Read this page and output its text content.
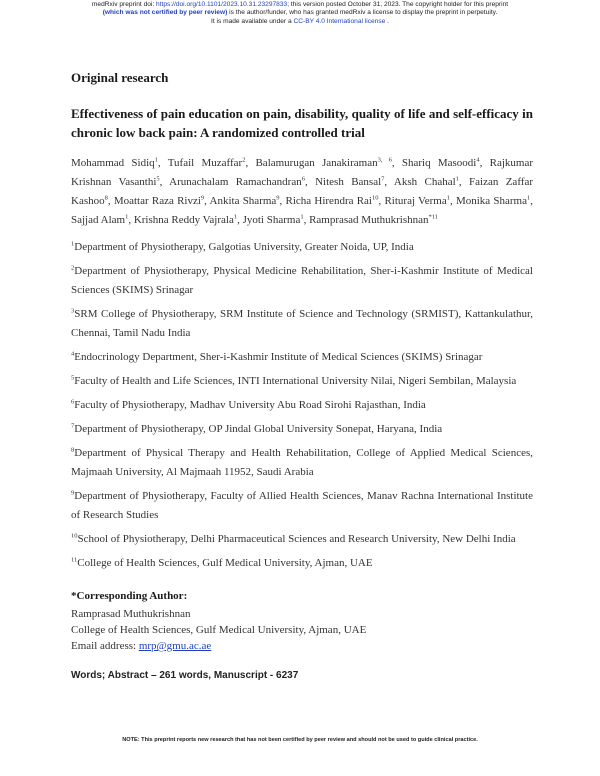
medRxiv preprint doi: https://doi.org/10.1101/2023.10.31.23297833; this version posted October 31, 2023. The copyright holder for this preprint
(which was not certified by peer review) is the author/funder, who has granted medRxiv a license to display the preprint in perpetuity.
It is made available under a CC-BY 4.0 International license .

Original research

Effectiveness of pain education on pain, disability, quality of life and self-efficacy in chronic low back pain: A randomized controlled trial

Mohammad Sidiq$^1$, Tufail Muzaffar$^2$, Balamurugan Janakiraman$^{3, 6}$, Shariq Masoodi$^4$, Rajkumar Krishnan Vasanthi$^5$, Arunachalam Ramachandran$^6$, Nitesh Bansal$^7$, Aksh Chahal$^1$, Faizan Zaffar Kashoo$^8$, Moattar Raza Rivzi$^9$, Ankita Sharma$^9$, Richa Hirendra Rai$^{10}$, Rituraj Verma$^1$, Monika Sharma$^1$, Sajjad Alam$^1$, Krishna Reddy Vajrala$^1$, Jyoti Sharma$^1$, Ramprasad Muthukrishnan$^{*11}$

$^1$Department of Physiotherapy, Galgotias University, Greater Noida, UP, India

$^2$Department of Physiotherapy, Physical Medicine Rehabilitation, Sher-i-Kashmir Institute of Medical Sciences (SKIMS) Srinagar

$^3$SRM College of Physiotherapy, SRM Institute of Science and Technology (SRMIST), Kattankulathur, Chennai, Tamil Nadu India

$^4$Endocrinology Department, Sher-i-Kashmir Institute of Medical Sciences (SKIMS) Srinagar

$^5$Faculty of Health and Life Sciences, INTI International University Nilai, Nigeri Sembilan, Malaysia

$^6$Faculty of Physiotherapy, Madhav University Abu Road Sirohi Rajasthan, India

$^7$Department of Physiotherapy, OP Jindal Global University Sonepat, Haryana, India

$^8$Department of Physical Therapy and Health Rehabilitation, College of Applied Medical Sciences, Majmaah University, Al Majmaah 11952, Saudi Arabia

$^9$Department of Physiotherapy, Faculty of Allied Health Sciences, Manav Rachna International Institute of Research Studies

$^{10}$School of Physiotherapy, Delhi Pharmaceutical Sciences and Research University, New Delhi India

$^{11}$College of Health Sciences, Gulf Medical University, Ajman, UAE

*Corresponding Author:

Ramprasad Muthukrishnan

College of Health Sciences, Gulf Medical University, Ajman, UAE

Email address: mrp@gmu.ac.ae

Words; Abstract – 261 words, Manuscript - 6237
NOTE: This preprint reports new research that has not been certified by peer review and should not be used to guide clinical practice.
